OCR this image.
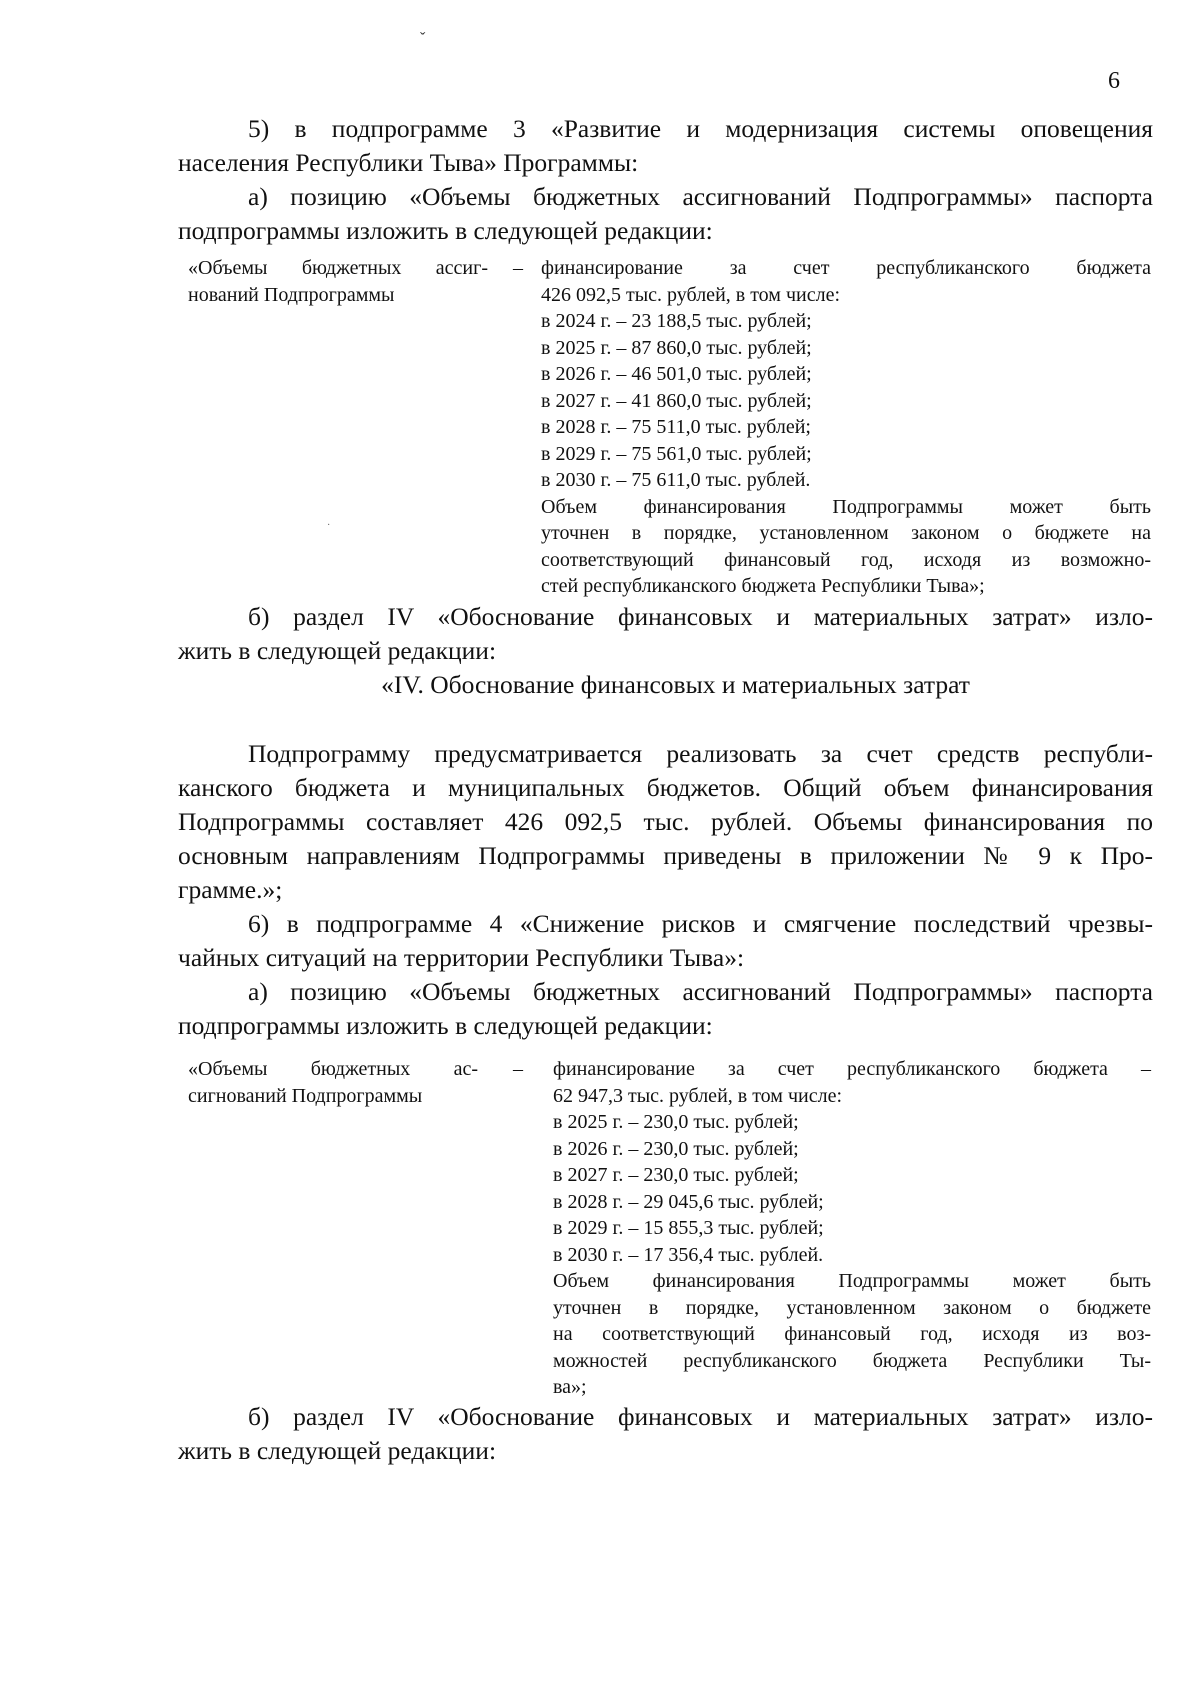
ˇ
·
6

5) в подпрограмме 3 «Развитие и модернизация системы оповещения

населения Республики Тыва» Программы:

а) позицию «Объемы бюджетных ассигнований Подпрограммы» паспорта

подпрограммы изложить в следующей редакции:

«Объемы бюджетных ассиг-
нований Подпрограммы
– финансирование за счет республиканского бюджета

426 092,5 тыс. рублей, в том числе:

в 2024 г. – 23 188,5 тыс. рублей;

в 2025 г. – 87 860,0 тыс. рублей;

в 2026 г. – 46 501,0 тыс. рублей;

в 2027 г. – 41 860,0 тыс. рублей;

в 2028 г. – 75 511,0 тыс. рублей;

в 2029 г. – 75 561,0 тыс. рублей;

в 2030 г. – 75 611,0 тыс. рублей.

Объем финансирования Подпрограммы может быть

уточнен в порядке, установленном законом о бюджете на

соответствующий финансовый год, исходя из возможно-

стей республиканского бюджета Республики Тыва»;

б) раздел IV «Обоснование финансовых и материальных затрат» изло-

жить в следующей редакции:

«IV. Обоснование финансовых и материальных затрат

Подпрограмму предусматривается реализовать за счет средств республи-

канского бюджета и муниципальных бюджетов. Общий объем финансирования

Подпрограммы составляет 426 092,5 тыс. рублей. Объемы финансирования по

основным направлениям Подпрограммы приведены в приложении № 9 к Про-

грамме.»;

6) в подпрограмме 4 «Снижение рисков и смягчение последствий чрезвы-

чайных ситуаций на территории Республики Тыва»:

а) позицию «Объемы бюджетных ассигнований Подпрограммы» паспорта

подпрограммы изложить в следующей редакции:

«Объемы бюджетных ас-
сигнований Подпрограммы
– финансирование за счет республиканского бюджета –

62 947,3 тыс. рублей, в том числе:

в 2025 г. – 230,0 тыс. рублей;

в 2026 г. – 230,0 тыс. рублей;

в 2027 г. – 230,0 тыс. рублей;

в 2028 г. – 29 045,6 тыс. рублей;

в 2029 г. – 15 855,3 тыс. рублей;

в 2030 г. – 17 356,4 тыс. рублей.

Объем финансирования Подпрограммы может быть

уточнен в порядке, установленном законом о бюджете

на соответствующий финансовый год, исходя из воз-

можностей республиканского бюджета Республики Ты-

ва»;

б) раздел IV «Обоснование финансовых и материальных затрат» изло-

жить в следующей редакции:
